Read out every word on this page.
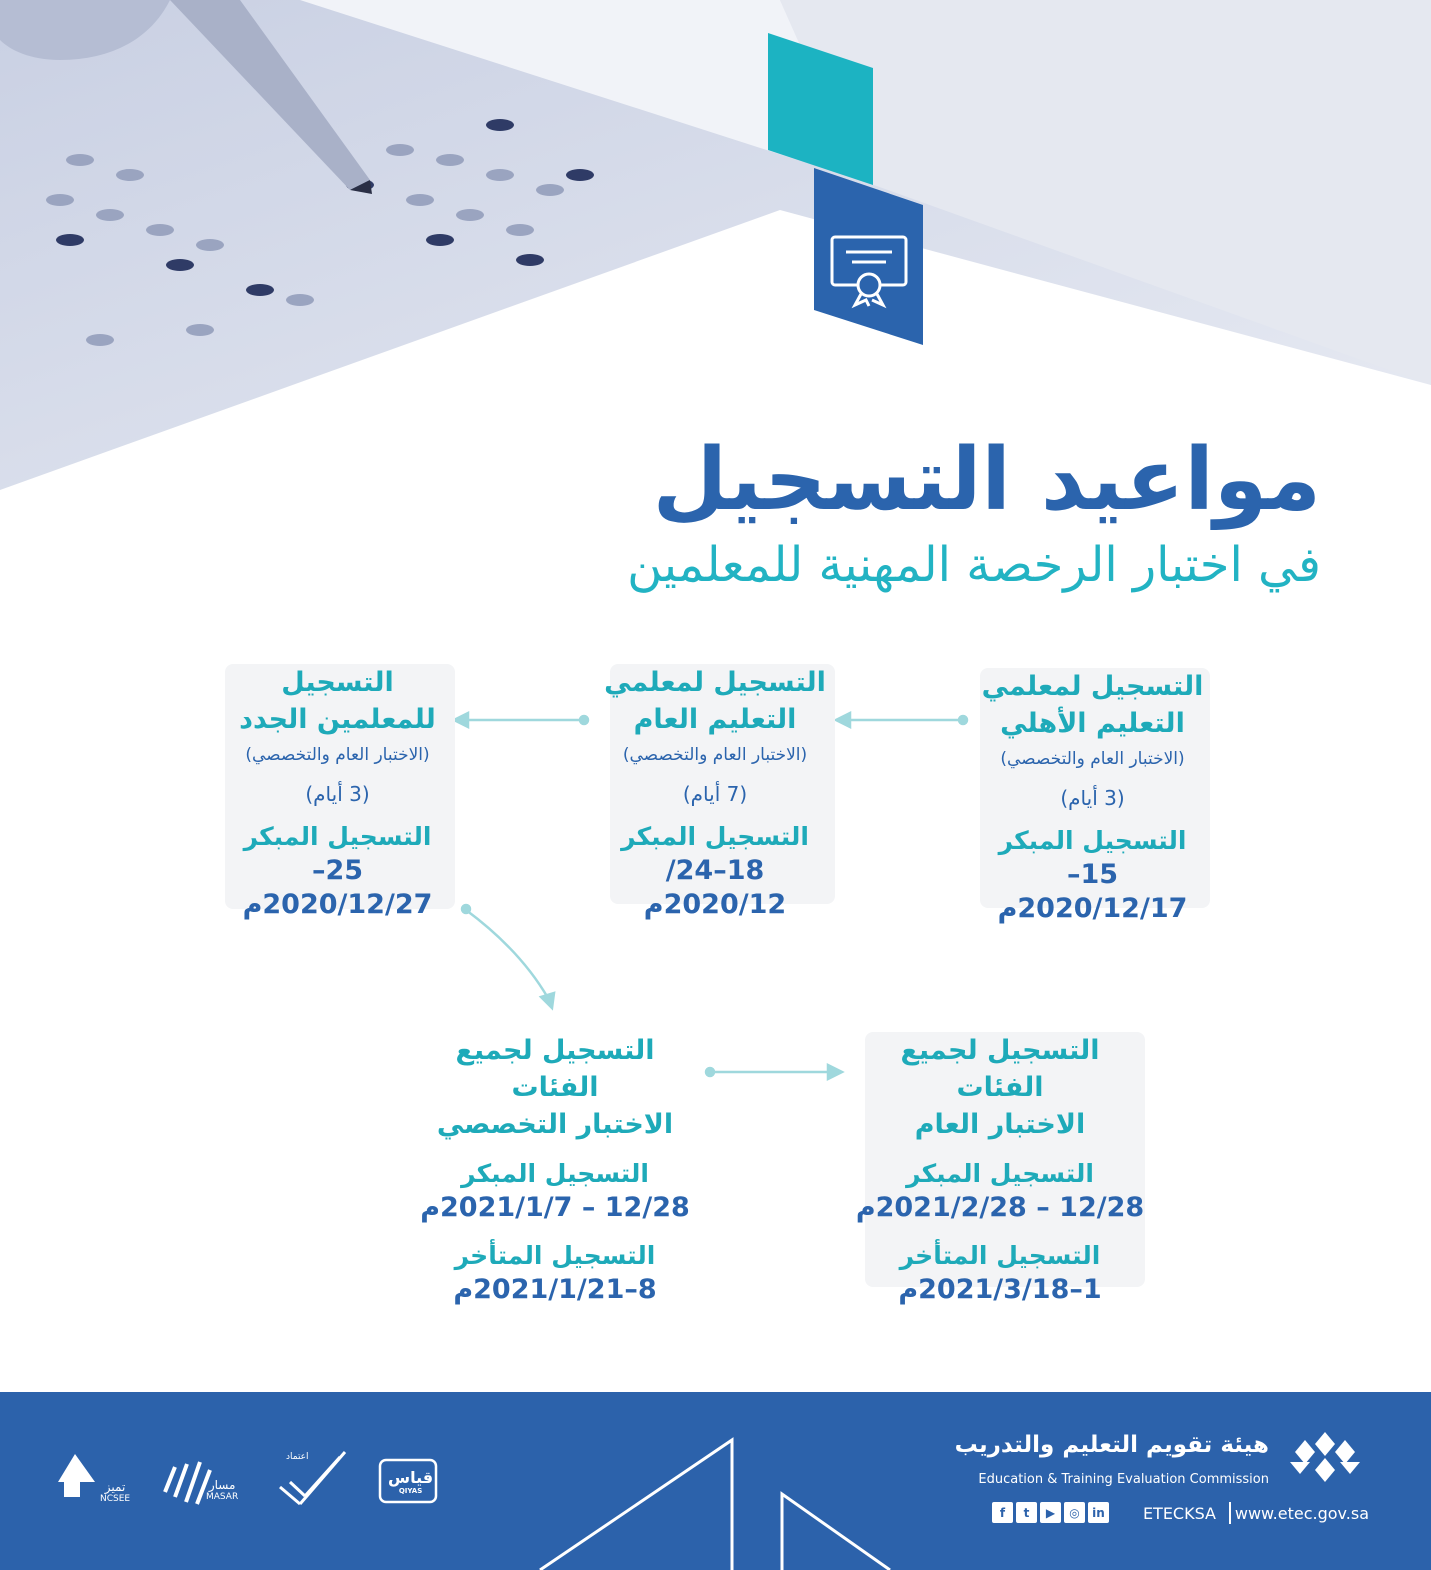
مواعيد التسجيل
في اختبار الرخصة المهنية للمعلمين
التسجيل لمعلمي
التعليم الأهلي
(الاختبار العام والتخصصي)
(3 أيام)
التسجيل المبكر
15–2020/12/17م
التسجيل لمعلمي
التعليم العام
(الاختبار العام والتخصصي)
(7 أيام)
التسجيل المبكر
18–24/ 2020/12م
التسجيل
للمعلمين الجدد
(الاختبار العام والتخصصي)
(3 أيام)
التسجيل المبكر
25–2020/12/27م
التسجيل لجميع الفئات
الاختبار العام
التسجيل المبكر
12/28 – 2021/2/28م
التسجيل المتأخر
1–2021/3/18م
التسجيل لجميع الفئات
الاختبار التخصصي
التسجيل المبكر
12/28 – 2021/1/7م
التسجيل المتأخر
8–2021/1/21م
هيئة تقويم التعليم والتدريب
Education & Training Evaluation Commission
f	t	▶	◎	in ETECKSA www.etec.gov.sa
تميز
NCSEE
مسار
MASAR
اعتماد
قياس
QIYAS
